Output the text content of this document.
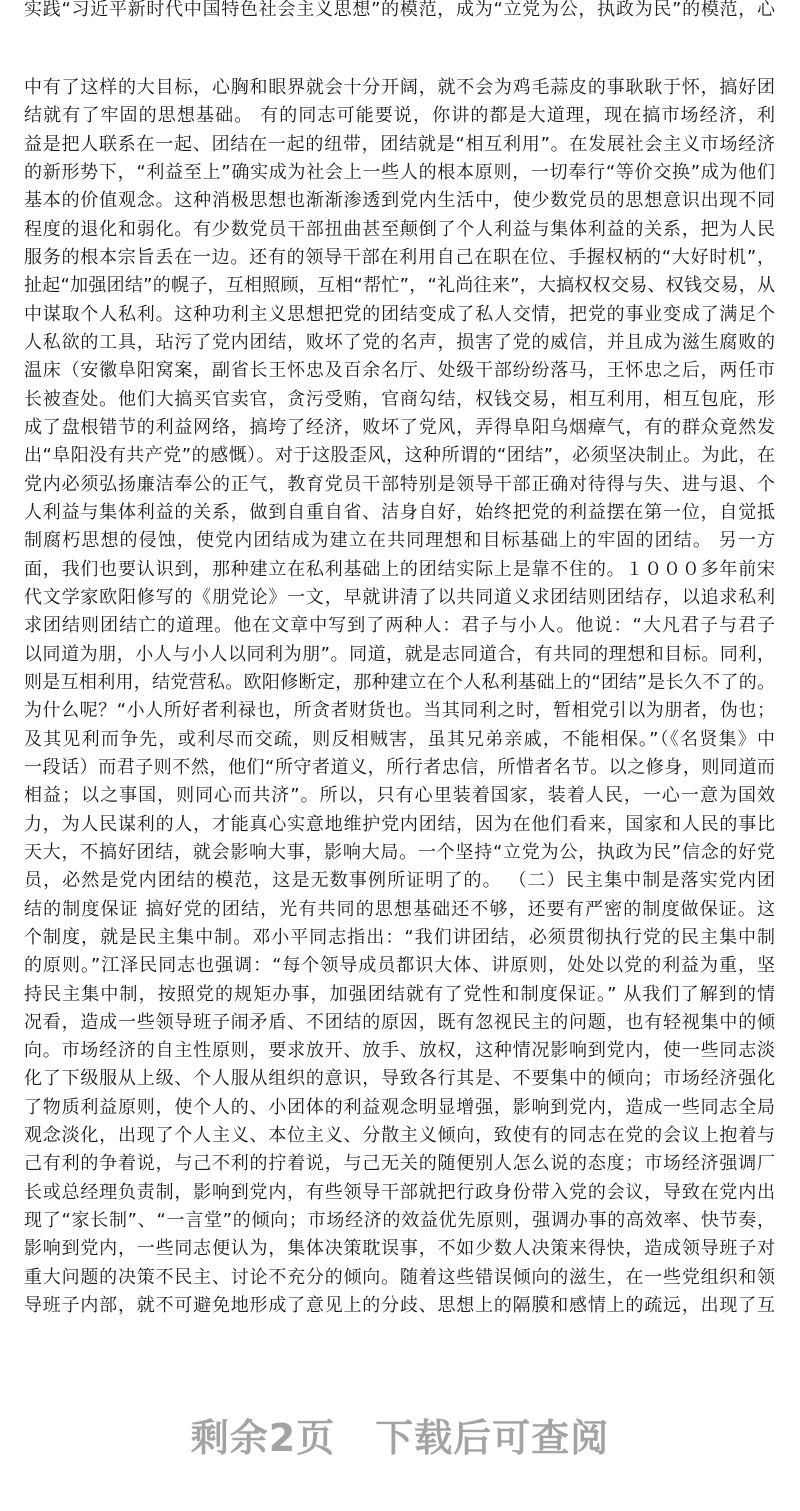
实践“习近平新时代中国特色社会主义思想”的模范，成为“立党为公，执政为民”的模范，心
中有了这样的大目标，心胸和眼界就会十分开阔，就不会为鸡毛蒜皮的事耿耿于怀，搞好团
结就有了牢固的思想基础。 有的同志可能要说，你讲的都是大道理，现在搞市场经济，利
益是把人联系在一起、团结在一起的纽带，团结就是“相互利用”。在发展社会主义市场经济
的新形势下，“利益至上”确实成为社会上一些人的根本原则，一切奉行“等价交换”成为他们
基本的价值观念。这种消极思想也渐渐渗透到党内生活中，使少数党员的思想意识出现不同
程度的退化和弱化。有少数党员干部扭曲甚至颠倒了个人利益与集体利益的关系，把为人民
服务的根本宗旨丢在一边。还有的领导干部在利用自己在职在位、手握权柄的“大好时机”，
扯起“加强团结”的幌子，互相照顾，互相“帮忙”，“礼尚往来”，大搞权权交易、权钱交易，从
中谋取个人私利。这种功利主义思想把党的团结变成了私人交情，把党的事业变成了满足个
人私欲的工具，玷污了党内团结，败坏了党的名声，损害了党的威信，并且成为滋生腐败的
温床（安徽阜阳窝案，副省长王怀忠及百余名厅、处级干部纷纷落马，王怀忠之后，两任市
长被查处。他们大搞买官卖官，贪污受贿，官商勾结，权钱交易，相互利用，相互包庇，形
成了盘根错节的利益网络，搞垮了经济，败坏了党风，弄得阜阳乌烟瘴气，有的群众竟然发
出“阜阳没有共产党”的感慨）。对于这股歪风，这种所谓的“团结”，必须坚决制止。为此，在
党内必须弘扬廉洁奉公的正气，教育党员干部特别是领导干部正确对待得与失、进与退、个
人利益与集体利益的关系，做到自重自省、洁身自好，始终把党的利益摆在第一位，自觉抵
制腐朽思想的侵蚀，使党内团结成为建立在共同理想和目标基础上的牢固的团结。 另一方
面，我们也要认识到，那种建立在私利基础上的团结实际上是靠不住的。１０００多年前宋
代文学家欧阳修写的《朋党论》一文，早就讲清了以共同道义求团结则团结存，以追求私利
求团结则团结亡的道理。他在文章中写到了两种人：君子与小人。他说：“大凡君子与君子
以同道为朋，小人与小人以同利为朋”。同道，就是志同道合，有共同的理想和目标。同利，
则是互相利用，结党营私。欧阳修断定，那种建立在个人私利基础上的“团结”是长久不了的。
为什么呢？“小人所好者利禄也，所贪者财货也。当其同利之时，暂相党引以为朋者，伪也；
及其见利而争先，或利尽而交疏，则反相贼害，虽其兄弟亲戚，不能相保。”（《名贤集》中
一段话）而君子则不然，他们“所守者道义，所行者忠信，所惜者名节。以之修身，则同道而
相益；以之事国，则同心而共济”。所以，只有心里装着国家，装着人民，一心一意为国效
力，为人民谋利的人，才能真心实意地维护党内团结，因为在他们看来，国家和人民的事比
天大，不搞好团结，就会影响大事，影响大局。一个坚持“立党为公，执政为民”信念的好党
员，必然是党内团结的模范，这是无数事例所证明了的。 （二）民主集中制是落实党内团
结的制度保证 搞好党的团结，光有共同的思想基础还不够，还要有严密的制度做保证。这
个制度，就是民主集中制。邓小平同志指出：“我们讲团结，必须贯彻执行党的民主集中制
的原则。”江泽民同志也强调：“每个领导成员都识大体、讲原则，处处以党的利益为重，坚
持民主集中制，按照党的规矩办事，加强团结就有了党性和制度保证。” 从我们了解到的情
况看，造成一些领导班子闹矛盾、不团结的原因，既有忽视民主的问题，也有轻视集中的倾
向。市场经济的自主性原则，要求放开、放手、放权，这种情况影响到党内，使一些同志淡
化了下级服从上级、个人服从组织的意识，导致各行其是、不要集中的倾向；市场经济强化
了物质利益原则，使个人的、小团体的利益观念明显增强，影响到党内，造成一些同志全局
观念淡化，出现了个人主义、本位主义、分散主义倾向，致使有的同志在党的会议上抱着与
己有利的争着说，与己不利的拧着说，与己无关的随便别人怎么说的态度；市场经济强调厂
长或总经理负责制，影响到党内，有些领导干部就把行政身份带入党的会议，导致在党内出
现了“家长制”、“一言堂”的倾向；市场经济的效益优先原则，强调办事的高效率、快节奏，
影响到党内，一些同志便认为，集体决策耽误事，不如少数人决策来得快，造成领导班子对
重大问题的决策不民主、讨论不充分的倾向。随着这些错误倾向的滋生，在一些党组织和领
导班子内部，就不可避免地形成了意见上的分歧、思想上的隔膜和感情上的疏远，出现了互
剩余2页 下载后可查阅
